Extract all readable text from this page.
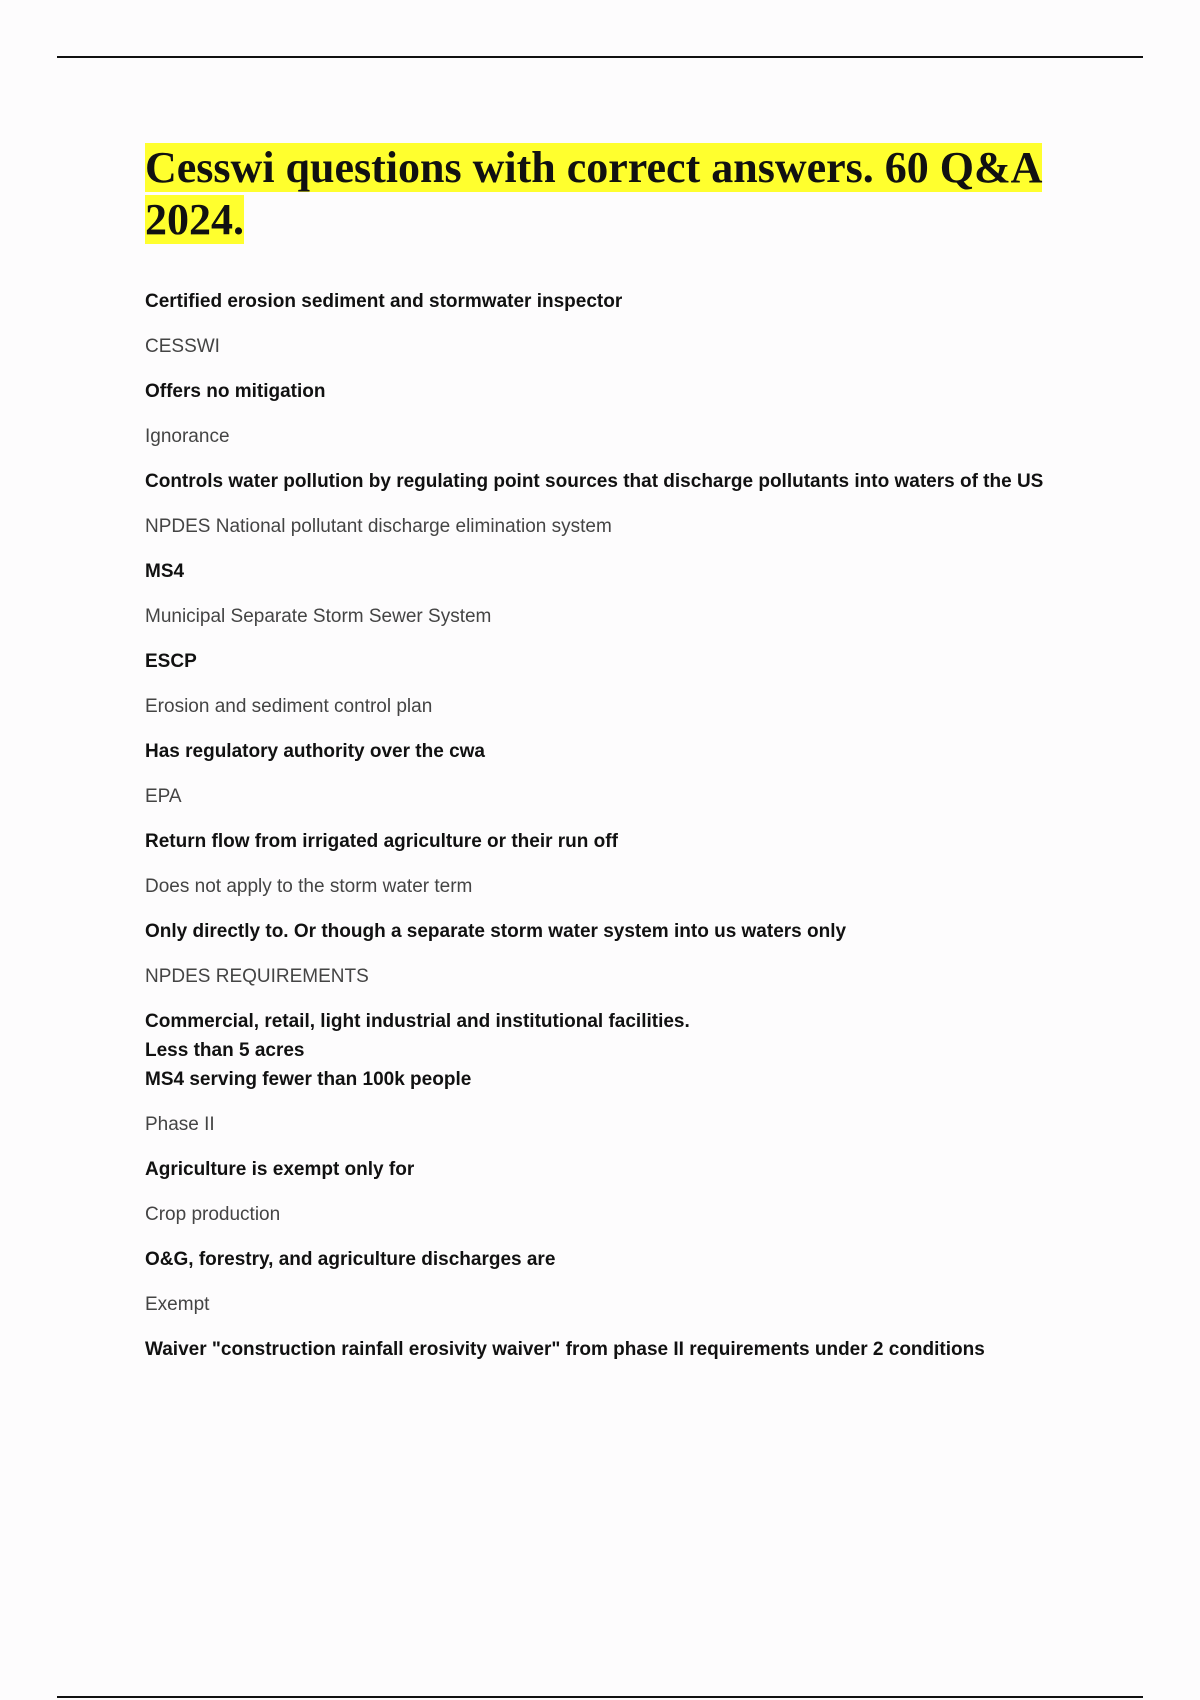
Cesswi questions with correct answers. 60 Q&A 2024.

Certified erosion sediment and stormwater inspector

CESSWI

Offers no mitigation

Ignorance

Controls water pollution by regulating point sources that discharge pollutants into waters of the US

NPDES National pollutant discharge elimination system

MS4

Municipal Separate Storm Sewer System

ESCP

Erosion and sediment control plan

Has regulatory authority over the cwa

EPA

Return flow from irrigated agriculture or their run off

Does not apply to the storm water term

Only directly to. Or though a separate storm water system into us waters only

NPDES REQUIREMENTS

Commercial, retail, light industrial and institutional facilities.
Less than 5 acres
MS4 serving fewer than 100k people

Phase II

Agriculture is exempt only for

Crop production

O&G, forestry, and agriculture discharges are

Exempt

Waiver "construction rainfall erosivity waiver" from phase II requirements under 2 conditions
